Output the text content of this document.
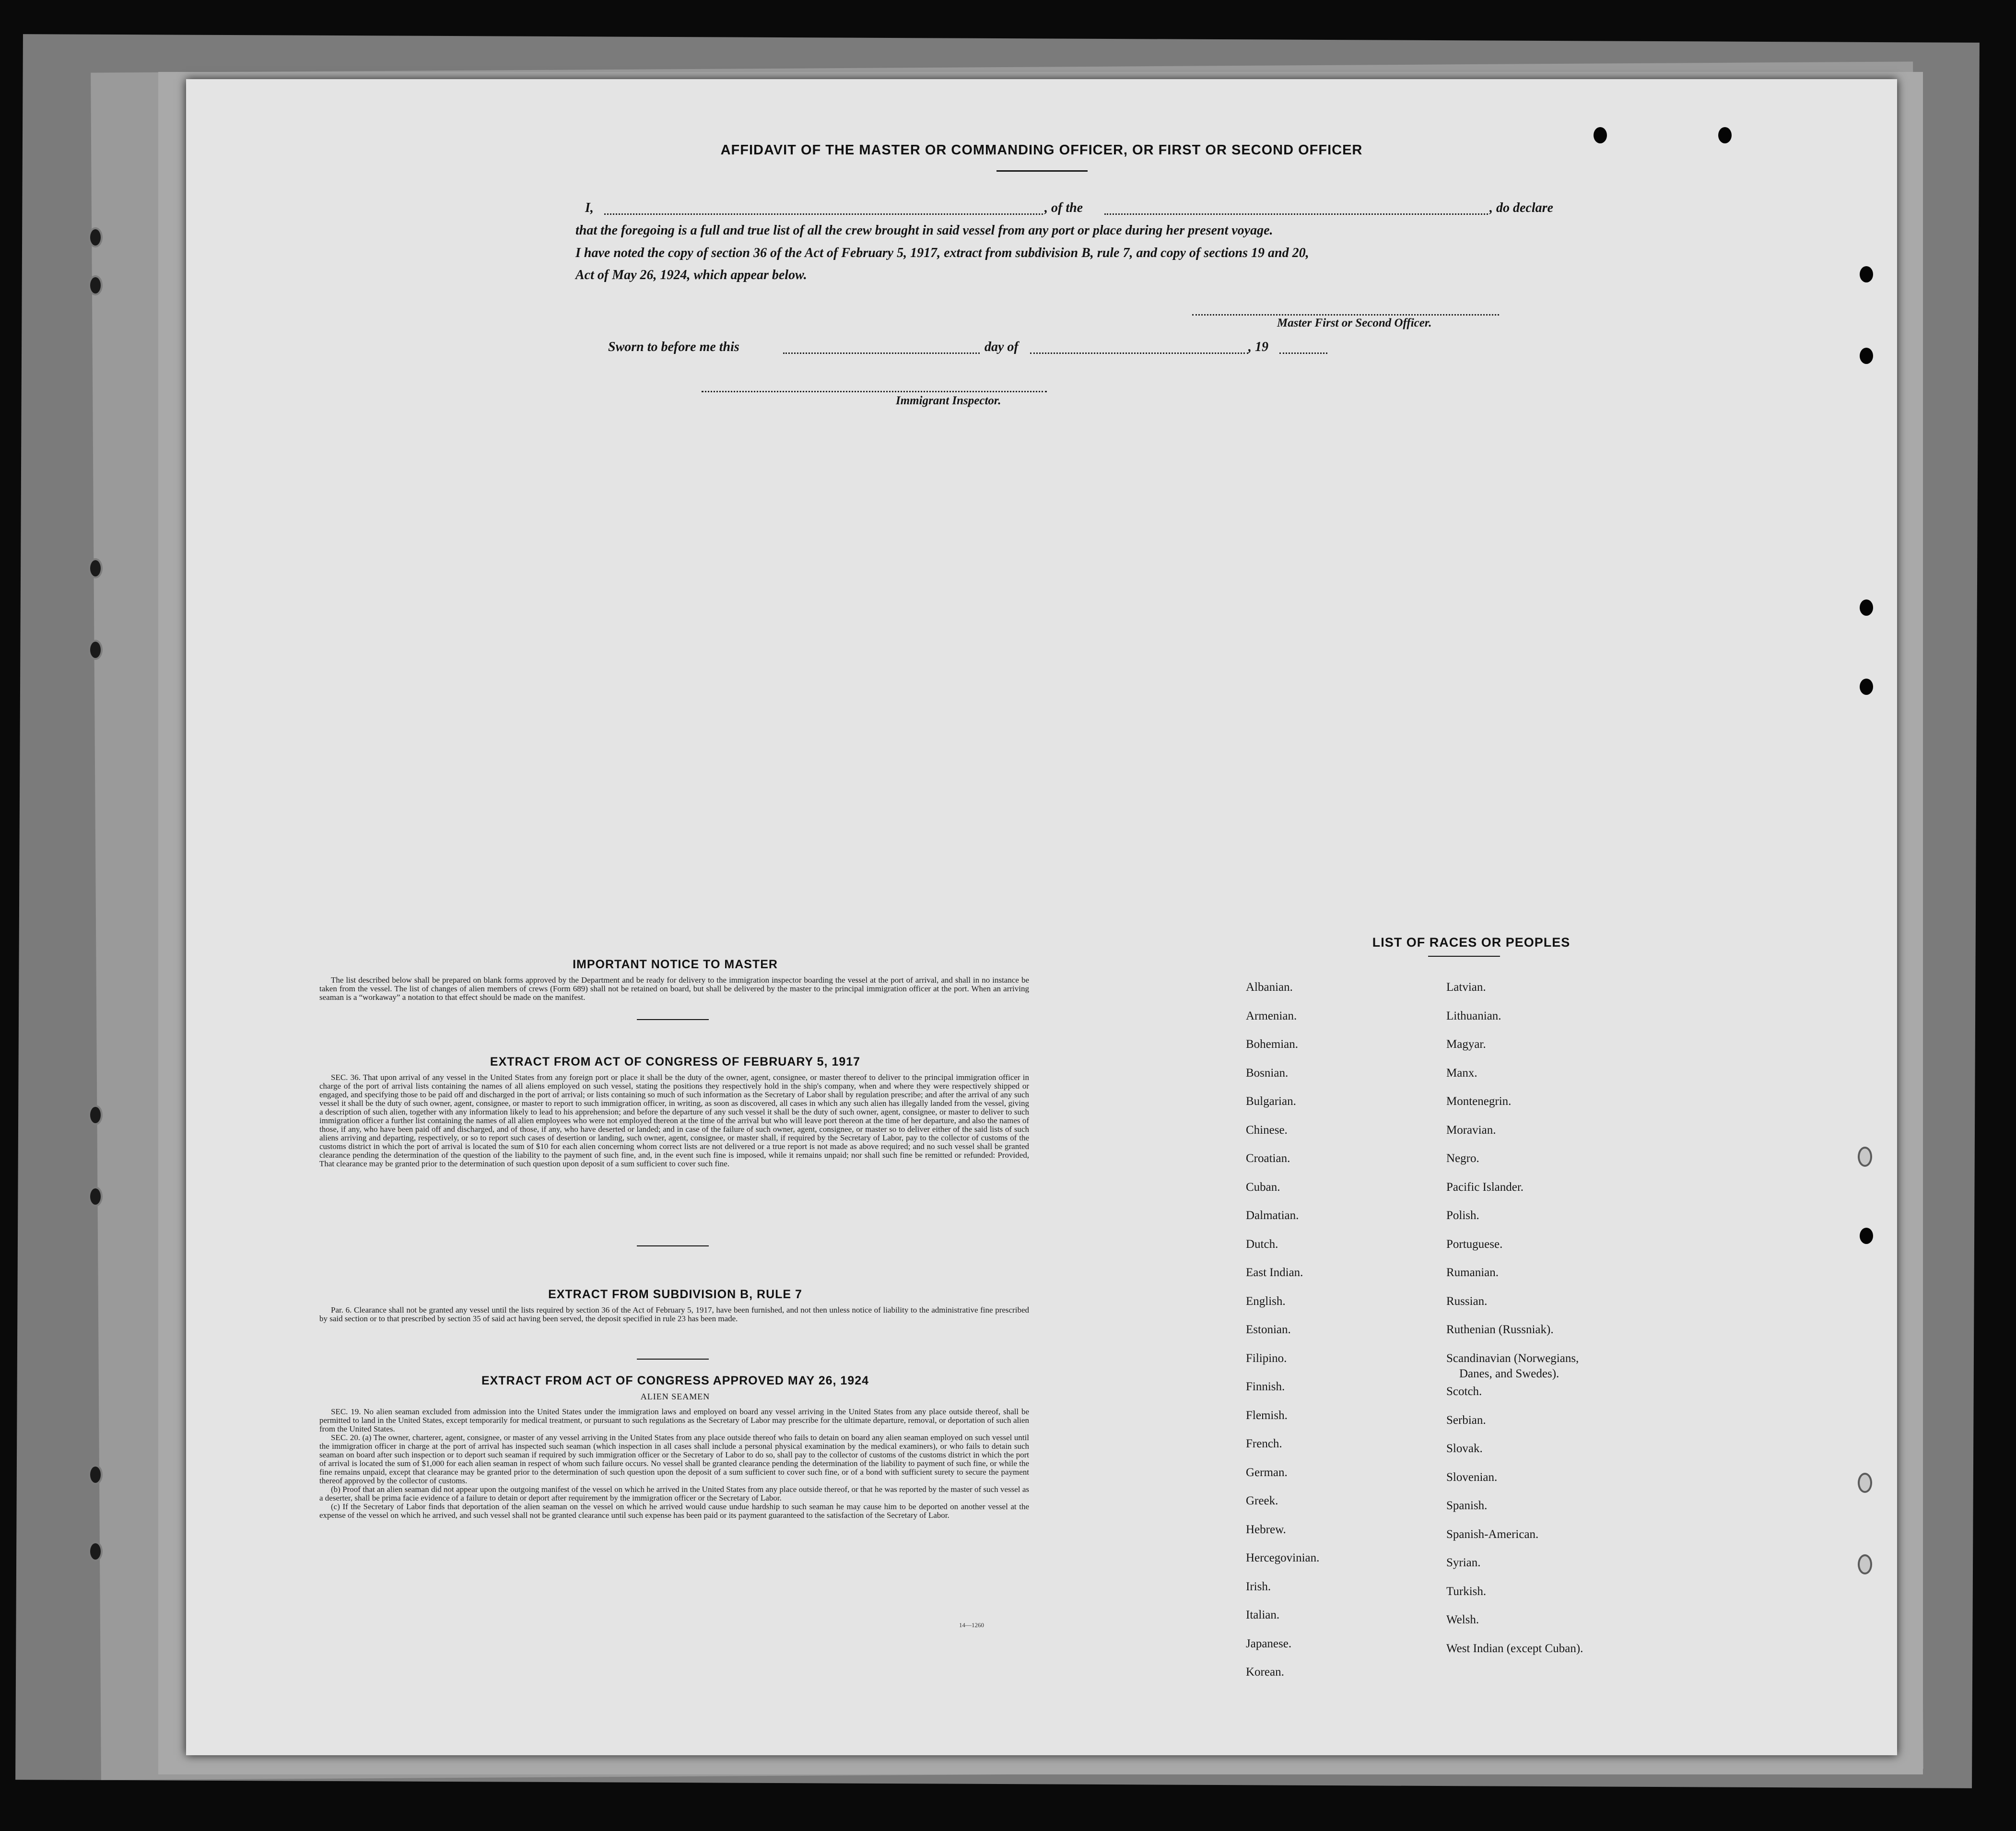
AFFIDAVIT OF THE MASTER OR COMMANDING OFFICER, OR FIRST OR SECOND OFFICER
I,	, of the	, do declare
that the foregoing is a full and true list of all the crew brought in said vessel from any port or place during her present voyage.
I have noted the copy of section 36 of the Act of February 5, 1917, extract from subdivision B, rule 7, and copy of sections 19 and 20,
Act of May 26, 1924, which appear below.
Master First or Second Officer.
Sworn to before me this	day of	, 19
Immigrant Inspector.
IMPORTANT NOTICE TO MASTER

The list described below shall be prepared on blank forms approved by the Department and be ready for delivery to the immigration inspector boarding the vessel at the port of arrival, and shall in no instance be taken from the vessel. The list of changes of alien members of crews (Form 689) shall not be retained on board, but shall be delivered by the master to the principal immigration officer at the port. When an arriving seaman is a “workaway” a notation to that effect should be made on the manifest.

EXTRACT FROM ACT OF CONGRESS OF FEBRUARY 5, 1917

SEC. 36. That upon arrival of any vessel in the United States from any foreign port or place it shall be the duty of the owner, agent, consignee, or master thereof to deliver to the principal immigration officer in charge of the port of arrival lists containing the names of all aliens employed on such vessel, stating the positions they respectively hold in the ship's company, when and where they were respectively shipped or engaged, and specifying those to be paid off and discharged in the port of arrival; or lists containing so much of such information as the Secretary of Labor shall by regulation prescribe; and after the arrival of any such vessel it shall be the duty of such owner, agent, consignee, or master to report to such immigration officer, in writing, as soon as discovered, all cases in which any such alien has illegally landed from the vessel, giving a description of such alien, together with any information likely to lead to his apprehension; and before the departure of any such vessel it shall be the duty of such owner, agent, consignee, or master to deliver to such immigration officer a further list containing the names of all alien employees who were not employed thereon at the time of the arrival but who will leave port thereon at the time of her departure, and also the names of those, if any, who have been paid off and discharged, and of those, if any, who have deserted or landed; and in case of the failure of such owner, agent, consignee, or master so to deliver either of the said lists of such aliens arriving and departing, respectively, or so to report such cases of desertion or landing, such owner, agent, consignee, or master shall, if required by the Secretary of Labor, pay to the collector of customs of the customs district in which the port of arrival is located the sum of $10 for each alien concerning whom correct lists are not delivered or a true report is not made as above required; and no such vessel shall be granted clearance pending the determination of the question of the liability to the payment of such fine, and, in the event such fine is imposed, while it remains unpaid; nor shall such fine be remitted or refunded: Provided, That clearance may be granted prior to the determination of such question upon deposit of a sum sufficient to cover such fine.

EXTRACT FROM SUBDIVISION B, RULE 7

Par. 6. Clearance shall not be granted any vessel until the lists required by section 36 of the Act of February 5, 1917, have been furnished, and not then unless notice of liability to the administrative fine prescribed by said section or to that prescribed by section 35 of said act having been served, the deposit specified in rule 23 has been made.

EXTRACT FROM ACT OF CONGRESS APPROVED MAY 26, 1924
ALIEN SEAMEN

SEC. 19. No alien seaman excluded from admission into the United States under the immigration laws and employed on board any vessel arriving in the United States from any place outside thereof, shall be permitted to land in the United States, except temporarily for medical treatment, or pursuant to such regulations as the Secretary of Labor may prescribe for the ultimate departure, removal, or deportation of such alien from the United States.

SEC. 20. (a) The owner, charterer, agent, consignee, or master of any vessel arriving in the United States from any place outside thereof who fails to detain on board any alien seaman employed on such vessel until the immigration officer in charge at the port of arrival has inspected such seaman (which inspection in all cases shall include a personal physical examination by the medical examiners), or who fails to detain such seaman on board after such inspection or to deport such seaman if required by such immigration officer or the Secretary of Labor to do so, shall pay to the collector of customs of the customs district in which the port of arrival is located the sum of $1,000 for each alien seaman in respect of whom such failure occurs. No vessel shall be granted clearance pending the determination of the liability to payment of such fine, or while the fine remains unpaid, except that clearance may be granted prior to the determination of such question upon the deposit of a sum sufficient to cover such fine, or of a bond with sufficient surety to secure the payment thereof approved by the collector of customs.

(b) Proof that an alien seaman did not appear upon the outgoing manifest of the vessel on which he arrived in the United States from any place outside thereof, or that he was reported by the master of such vessel as a deserter, shall be prima facie evidence of a failure to detain or deport after requirement by the immigration officer or the Secretary of Labor.

(c) If the Secretary of Labor finds that deportation of the alien seaman on the vessel on which he arrived would cause undue hardship to such seaman he may cause him to be deported on another vessel at the expense of the vessel on which he arrived, and such vessel shall not be granted clearance until such expense has been paid or its payment guaranteed to the satisfaction of the Secretary of Labor.

14—1260
LIST OF RACES OR PEOPLES
Albanian.
Armenian.
Bohemian.
Bosnian.
Bulgarian.
Chinese.
Croatian.
Cuban.
Dalmatian.
Dutch.
East Indian.
English.
Estonian.
Filipino.
Finnish.
Flemish.
French.
German.
Greek.
Hebrew.
Hercegovinian.
Irish.
Italian.
Japanese.
Korean.
Latvian.
Lithuanian.
Magyar.
Manx.
Montenegrin.
Moravian.
Negro.
Pacific Islander.
Polish.
Portuguese.
Rumanian.
Russian.
Ruthenian (Russniak).
Scandinavian (Norwegians,
Danes, and Swedes).
Scotch.
Serbian.
Slovak.
Slovenian.
Spanish.
Spanish-American.
Syrian.
Turkish.
Welsh.
West Indian (except Cuban).
